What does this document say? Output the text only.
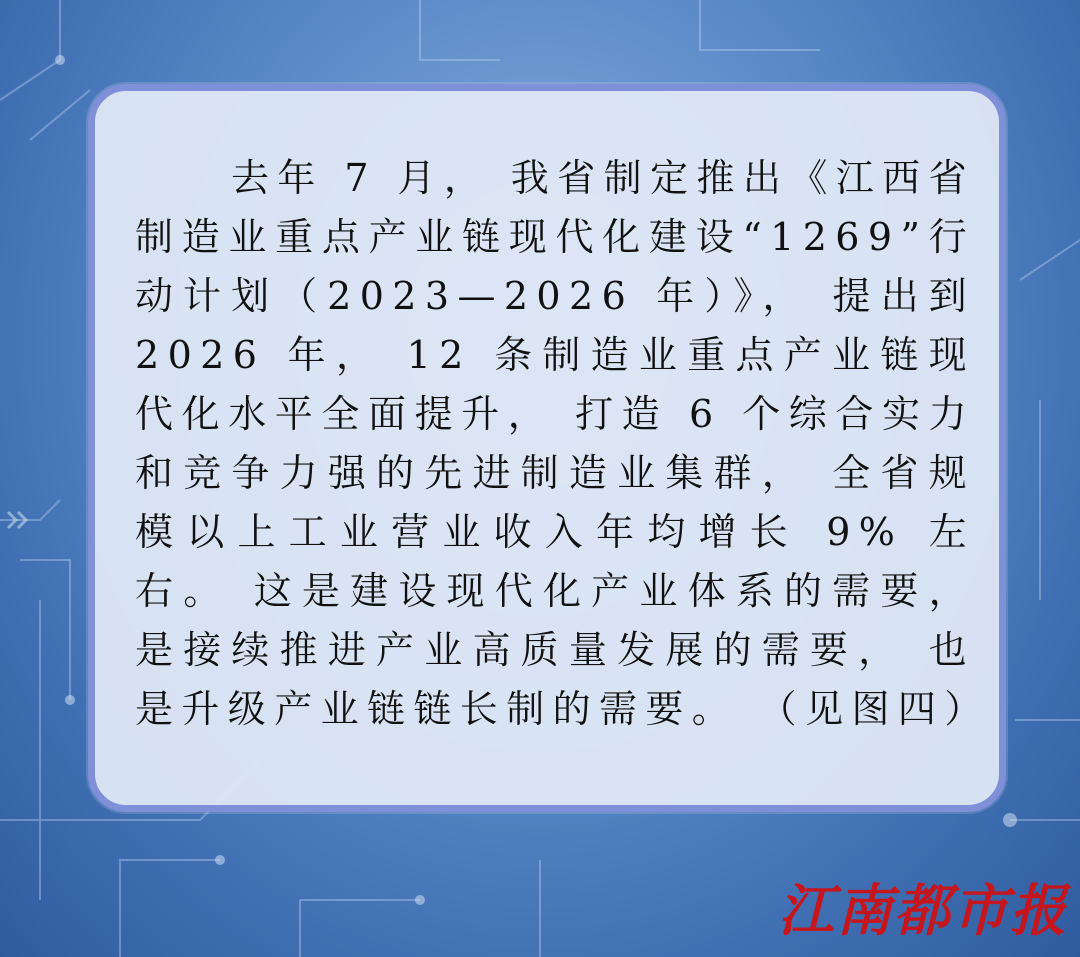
去年 7 月， 我省制定推出《江西省制造业重点产业链现代化建设“1269”行动计划（2023—2026 年）》， 提出到 2026 年， 12 条制造业重点产业链现代化水平全面提升， 打造 6 个综合实力和竞争力强的先进制造业集群， 全省规模以上工业营业收入年均增长 9% 左右。 这是建设现代化产业体系的需要， 是接续推进产业高质量发展的需要， 也是升级产业链链长制的需要。 （见图四）

江南都市报
